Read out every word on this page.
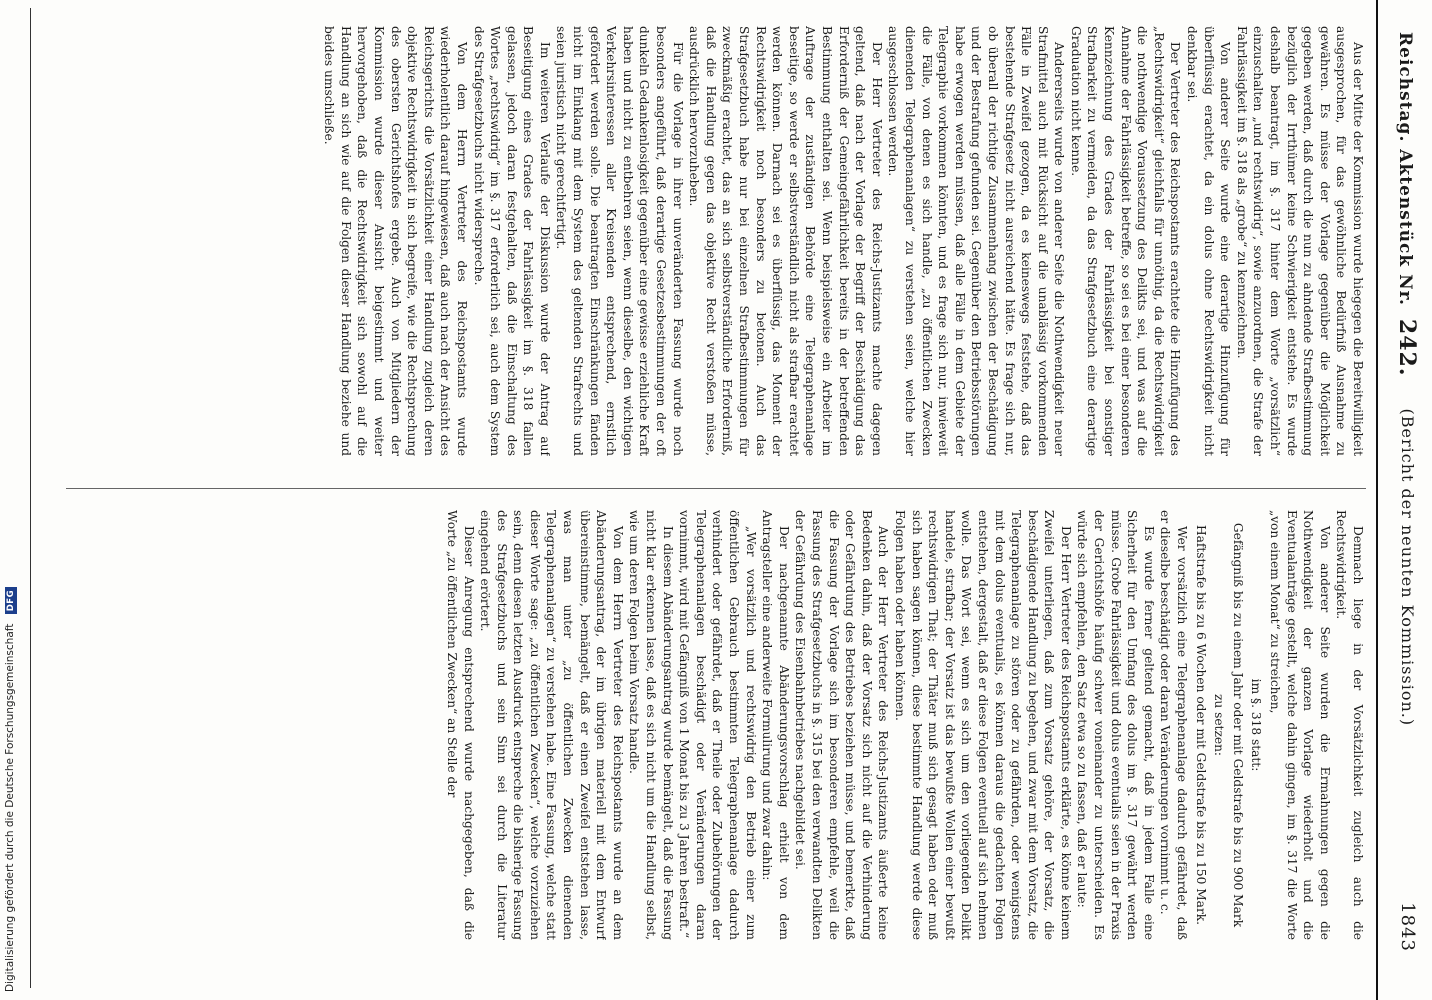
Reichstag. Aktenstück Nr. 242.
(Bericht der neunten Kommission.) 1843

Aus der Mitte der Kommission wurde hiegegen die Bereitwilligkeit ausgesprochen, für das gewöhnliche Bedürfniß Ausnahme zu gewähren. Es müsse der Vorlage gegenüber die Möglichkeit gegeben werden, daß durch die nun zu ahndende Strafbestimmung bezüglich der Irrthümer keine Schwierigkeit entstehe. Es wurde deshalb beantragt, im §. 317 hinter dem Worte „vorsätzlich“ einzuschalten „und rechtswidrig“, sowie anzuordnen, die Strafe der Fahrlässigkeit im §. 318 als „grobe“ zu kennzeichnen.

Von anderer Seite wurde eine derartige Hinzufügung für überflüssig erachtet, da ein dolus ohne Rechtswidrigkeit nicht denkbar sei.

Der Vertreter des Reichspostamts erachtete die Hinzufügung des „Rechtswidrigkeit“ gleichfalls für unnöthig, da die Rechtswidrigkeit die nothwendige Voraussetzung des Delikts sei, und was auf die Annahme der Fahrlässigkeit betreffe, so sei es bei einer besonderen Kennzeichnung des Grades der Fahrlässigkeit bei sonstiger Strafbarkeit zu vermeiden, da das Strafgesetzbuch eine derartige Graduation nicht kenne.

Andererseits wurde von anderer Seite die Nothwendigkeit neuer Strafmittel auch mit Rücksicht auf die unablässig vorkommenden Fälle in Zweifel gezogen, da es keineswegs feststehe, daß das bestehende Strafgesetz nicht ausreichend hätte. Es frage sich nur, ob überall der richtige Zusammenhang zwischen der Beschädigung und der Bestrafung gefunden sei. Gegenüber den Betriebsstörungen habe erwogen werden müssen, daß alle Fälle in dem Gebiete der Telegraphie vorkommen könnten, und es frage sich nur, inwieweit die Fälle, von denen es sich handle, „zu öffentlichen Zwecken dienenden Telegraphenanlagen“ zu verstehen seien, welche hier ausgeschlossen werden.

Der Herr Vertreter des Reichs-Justizamts machte dagegen geltend, daß nach der Vorlage der Begriff der Beschädigung das Erforderniß der Gemeingefährlichkeit bereits in der betreffenden Bestimmung enthalten sei. Wenn beispielsweise ein Arbeiter im Auftrage der zuständigen Behörde eine Telegraphenanlage beseitige, so werde er selbstverständlich nicht als strafbar erachtet werden können. Darnach sei es überflüssig, das Moment der Rechtswidrigkeit noch besonders zu betonen. Auch das Strafgesetzbuch habe nur bei einzelnen Strafbestimmungen für zweckmäßig erachtet, das an sich selbstverständliche Erforderniß, daß die Handlung gegen das objektive Recht verstoßen müsse, ausdrücklich hervorzuheben.

Für die Vorlage in ihrer unveränderten Fassung wurde noch besonders angeführt, daß derartige Gesetzesbestimmungen der oft dunkeln Gedankenlosigkeit gegenüber eine gewisse erziehliche Kraft haben und nicht zu entbehren seien, wenn dieselbe, den wichtigen Verkehrsinteressen aller Kreisenden entsprechend, ernstlich gefördert werden solle. Die beantragten Einschränkungen fänden nicht im Einklang mit dem System des geltenden Strafrechts und seien juristisch nicht gerechtfertigt.

Im weiteren Verlaufe der Diskussion wurde der Antrag auf Beseitigung eines Grades der Fahrlässigkeit im §. 318 fallen gelassen, jedoch daran festgehalten, daß die Einschaltung des Wortes „rechtswidrig“ im §. 317 erforderlich sei, auch dem System des Strafgesetzbuchs nicht widerspreche.

Von dem Herrn Vertreter des Reichspostamts wurde wiederholentlich darauf hingewiesen, daß auch nach der Ansicht des Reichsgerichts die Vorsätzlichkeit einer Handlung zugleich deren objektive Rechtswidrigkeit in sich begreife, wie die Rechtsprechung des obersten Gerichtshofes ergebe. Auch von Mitgliedern der Kommission wurde dieser Ansicht beigestimmt und weiter hervorgehoben, daß die Rechtswidrigkeit sich sowohl auf die Handlung an sich wie auf die Folgen dieser Handlung beziehe und beides umschließe.

Demnach liege in der Vorsätzlichkeit zugleich auch die Rechtswidrigkeit.

Von anderer Seite wurden die Ermahnungen gegen die Nothwendigkeit der ganzen Vorlage wiederholt und die Eventualanträge gestellt, welche dahin gingen, im §. 317 die Worte „von einem Monat“ zu streichen,

im §. 318 statt:

Gefängniß bis zu einem Jahr oder mit Geldstrafe bis zu 900 Mark

zu setzen:

Haftstrafe bis zu 6 Wochen oder mit Geldstrafe bis zu 150 Mark.

Wer vorsätzlich eine Telegraphenanlage dadurch gefährdet, daß er dieselbe beschädigt oder daran Veränderungen vornimmt u. c.

Es wurde ferner geltend gemacht, daß in jedem Falle eine Sicherheit für den Umfang des dolus im §. 317 gewährt werden müsse. Grobe Fahrlässigkeit und dolus eventualis seien in der Praxis der Gerichtshöfe häufig schwer voneinander zu unterscheiden. Es würde sich empfehlen, den Satz etwa so zu fassen, daß er laute:

Der Herr Vertreter des Reichspostamts erklärte, es könne keinem Zweifel unterliegen, daß zum Vorsatz gehöre, der Vorsatz, die beschädigende Handlung zu begehen, und zwar mit dem Vorsatz, die Telegraphenanlage zu stören oder zu gefährden, oder wenigstens mit dem dolus eventualis, es können daraus die gedachten Folgen entstehen, dergestalt, daß er diese Folgen eventuell auf sich nehmen wolle. Das Wort sei, wenn es sich um den vorliegenden Delikt handele, strafbar; der Vorsatz ist das bewußte Wollen einer bewußt rechtswidrigen That; der Thäter muß sich gesagt haben oder muß sich haben sagen können, diese bestimmte Handlung werde diese Folgen haben oder haben können.

Auch der Herr Vertreter des Reichs-Justizamts äußerte keine Bedenken dahin, daß der Vorsatz sich nicht auf die Verhinderung oder Gefährdung des Betriebes beziehen müsse, und bemerkte, daß die Fassung der Vorlage sich im besonderen empfehle, weil die Fassung des Strafgesetzbuchs in §. 315 bei den verwandten Delikten der Gefährdung des Eisenbahnbetriebes nachgebildet sei.

Der nachgenannte Abänderungsvorschlag erhielt von dem Antragsteller eine anderweite Formulirung und zwar dahin:

„Wer vorsätzlich und rechtswidrig den Betrieb einer zum öffentlichen Gebrauch bestimmten Telegraphenanlage dadurch verhindert oder gefährdet, daß er Theile oder Zubehörungen der Telegraphenanlagen beschädigt oder Veränderungen daran vornimmt, wird mit Gefängniß von 1 Monat bis zu 3 Jahren bestraft.“

In diesem Abänderungsantrag wurde bemängelt, daß die Fassung nicht klar erkennen lasse, daß es sich nicht um die Handlung selbst, wie um deren Folgen beim Vorsatz handle.

Von dem Herrn Vertreter des Reichspostamts wurde an dem Abänderungsantrag, der im übrigen materiell mit dem Entwurf übereinstimme, bemängelt, daß er einen Zweifel entstehen lasse, was man unter „zu öffentlichen Zwecken dienenden Telegraphenanlagen“ zu verstehen habe. Eine Fassung, welche statt dieser Worte sage: „zu öffentlichen Zwecken“, welche vorzuziehen sein, denn diesen letzten Ausdruck entspreche die bisherige Fassung des Strafgesetzbuchs und sein Sinn sei durch die Literatur eingehend erörtert.

Dieser Anregung entsprechend wurde nachgegeben, daß die Worte „zu öffentlichen Zwecken“ an Stelle der

Digitalisierung gefördert durch die Deutsche Forschungsgemeinschaft DFG
